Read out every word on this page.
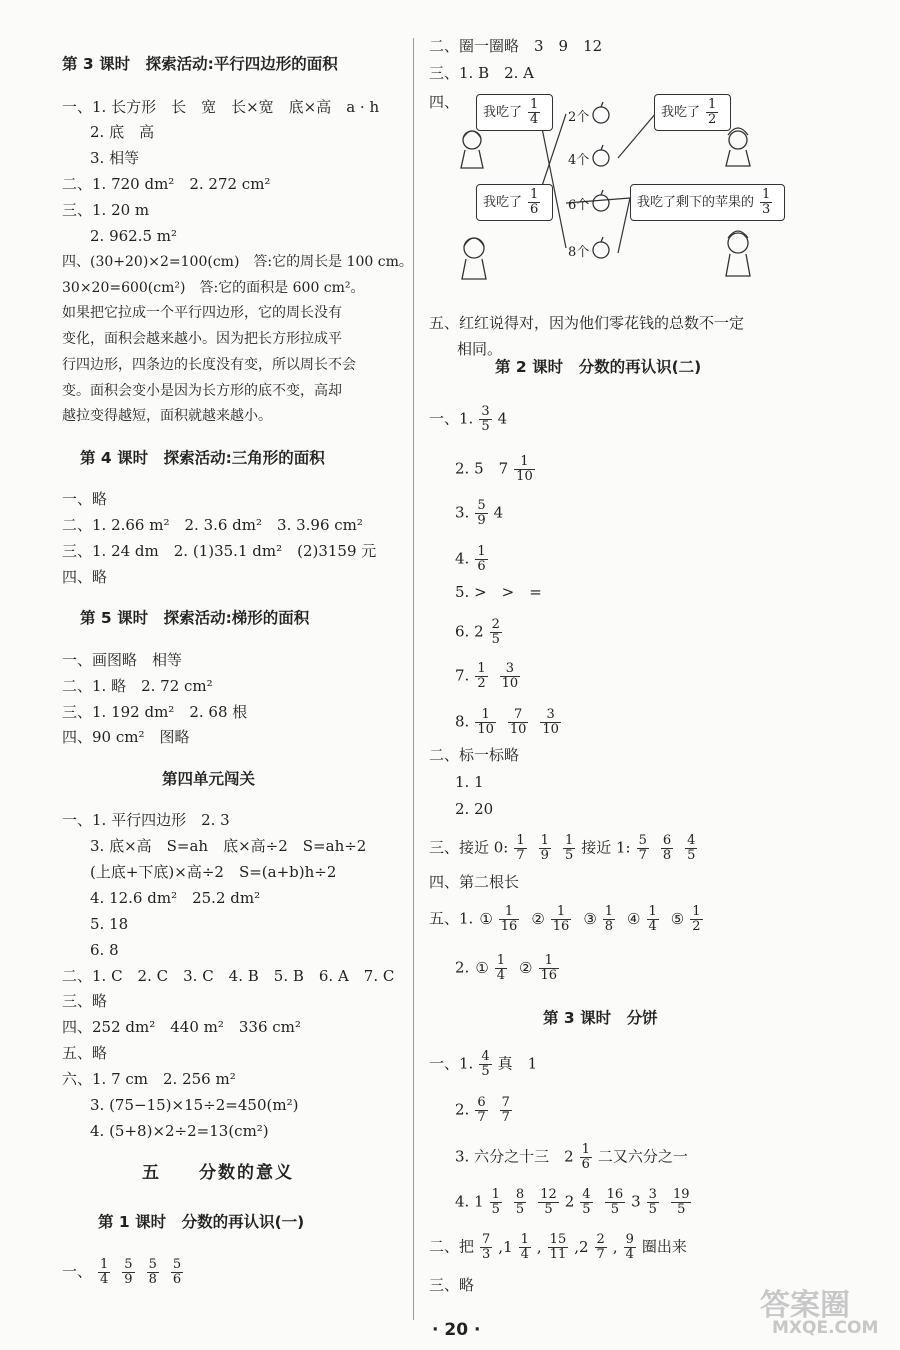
第 3 课时　探索活动:平行四边形的面积
一、1. 长方形　长　宽　长×宽　底×高　a · h
2. 底　高
3. 相等
二、1. 720 dm²　2. 272 cm²
三、1. 20 m
2. 962.5 m²
四、(30+20)×2=100(cm)　答:它的周长是 100 cm。
30×20=600(cm²)　答:它的面积是 600 cm²。
如果把它拉成一个平行四边形，它的周长没有
变化，面积会越来越小。因为把长方形拉成平
行四边形，四条边的长度没有变，所以周长不会
变。面积会变小是因为长方形的底不变，高却
越拉变得越短，面积就越来越小。
第 4 课时　探索活动:三角形的面积
一、略
二、1. 2.66 m²　2. 3.6 dm²　3. 3.96 cm²
三、1. 24 dm　2. (1)35.1 dm²　(2)3159 元
四、略
第 5 课时　探索活动:梯形的面积
一、画图略　相等
二、1. 略　2. 72 cm²
三、1. 192 dm²　2. 68 根
四、90 cm²　图略
第四单元闯关
一、1. 平行四边形　2. 3
3. 底×高　S=ah　底×高÷2　S=ah÷2
(上底+下底)×高÷2　S=(a+b)h÷2
4. 12.6 dm²　25.2 dm²
5. 18
6. 8
二、1. C　2. C　3. C　4. B　5. B　6. A　7. C
三、略
四、252 dm²　440 m²　336 cm²
五、略
六、1. 7 cm　2. 256 m²
3. (75−15)×15÷2=450(m²)
4. (5+8)×2÷2=13(cm²)
五　　分数的意义
第 1 课时　分数的再认识(一)
一、 $\frac{1}{4} \frac{5}{9} \frac{5}{8} \frac{5}{6}$
二、圈一圈略　3　9　12
三、1. B　2. A
四、
我吃了 $\frac{1}{4}$	我吃了 $\frac{1}{2}$
我吃了 $\frac{1}{6}$	我吃了剩下的苹果的 $\frac{1}{3}$
2个
4个
6个
8个
五、红红说得对，因为他们零花钱的总数不一定
相同。
第 2 课时　分数的再认识(二)
一、1. $\frac{3}{5} 4$
2. 5　$7 \frac{1}{10}$
3. $\frac{5}{9} 4$
4. $\frac{1}{6}$
5. >　>　=
6. $2 \frac{2}{5}$
7. $\frac{1}{2} \frac{3}{10}$
8. $\frac{1}{10} \frac{7}{10} \frac{3}{10}$
二、标一标略
1. 1
2. 20
三、接近 0: $\frac{1}{7} \frac{1}{9} \frac{1}{5}$ 接近 1: $\frac{5}{7} \frac{6}{8} \frac{4}{5}$
四、第二根长
五、1. ① $\frac{1}{16}$ ② $\frac{1}{16}$ ③ $\frac{1}{8}$ ④ $\frac{1}{4}$ ⑤ $\frac{1}{2}$
2. ① $\frac{1}{4}$ ② $\frac{1}{16}$
第 3 课时　分饼
一、1. $\frac{4}{5}$ 真　1
2. $\frac{6}{7} \frac{7}{7}$
3. 六分之十三　$2 \frac{1}{6}$ 二又六分之一
4. $1 \frac{1}{5} \frac{8}{5} \frac{12}{5} 2 \frac{4}{5} \frac{16}{5} 3 \frac{3}{5} \frac{19}{5}$
二、把 $\frac{7}{3} ,1 \frac{1}{4}$ , $\frac{15}{11} ,2 \frac{2}{7}$ , $\frac{9}{4}$ 圈出来
三、略
· 20 ·
答案圈
MXQE.COM
